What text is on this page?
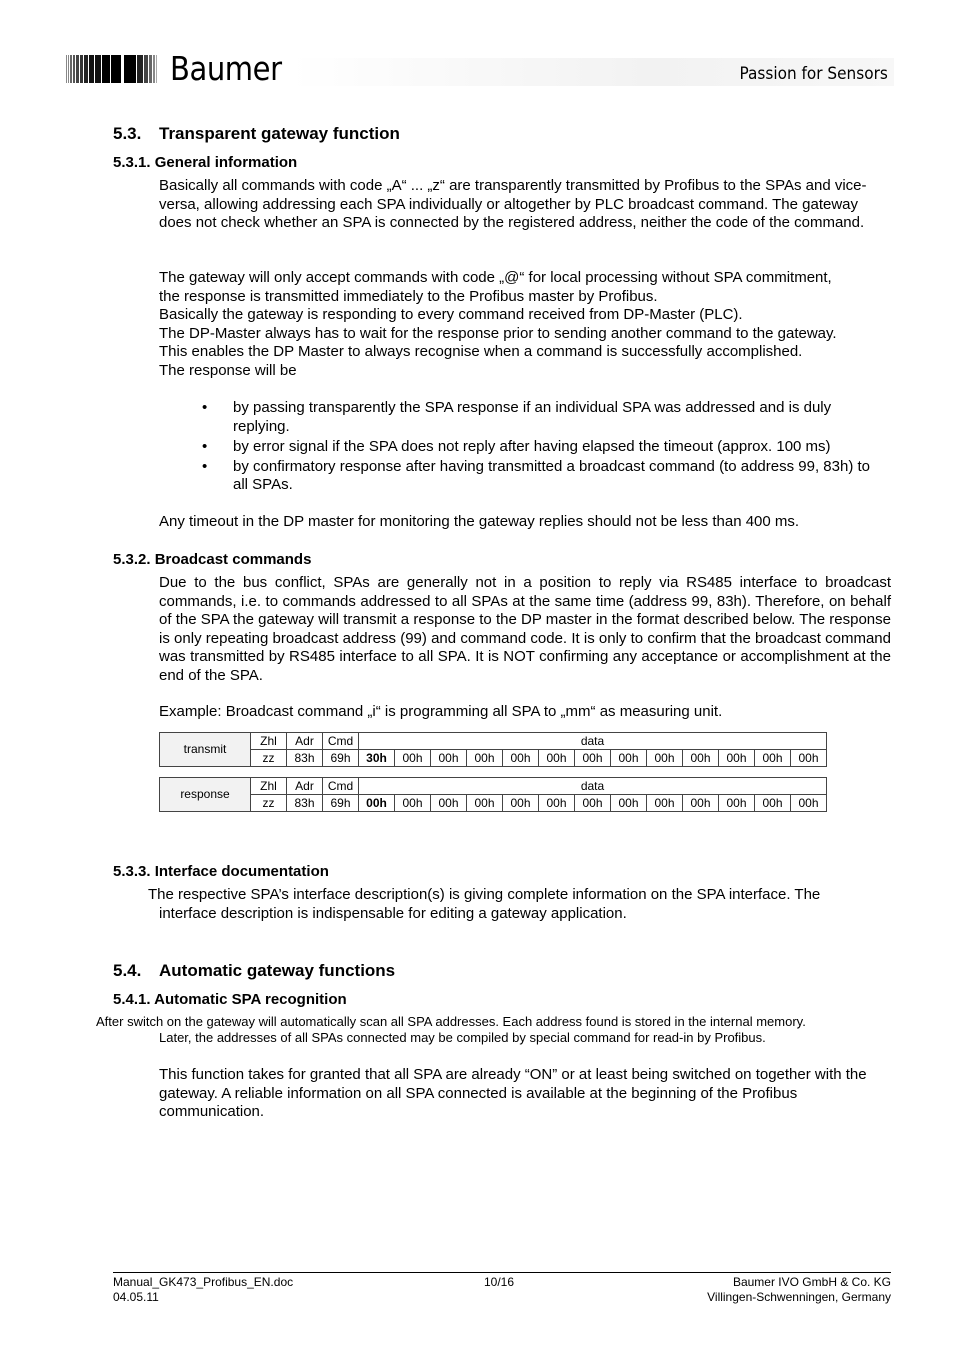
Baumer	Passion for Sensors
5.3. Transparent gateway function
5.3.1. General information
Basically all commands with code „A“ ... „z“ are transparently transmitted by Profibus to the SPAs and vice-versa, allowing addressing each SPA individually or altogether by PLC broadcast command. The gateway does not check whether an SPA is connected by the registered address, neither the code of the command.
The gateway will only accept commands with code „@“ for local processing without SPA commitment,
the response is transmitted immediately to the Profibus master by Profibus.
Basically the gateway is responding to every command received from DP-Master (PLC).
The DP-Master always has to wait for the response prior to sending another command to the gateway.
This enables the DP Master to always recognise when a command is successfully accomplished.
The response will be
• by passing transparently the SPA response if an individual SPA was addressed and is duly replying.
• by error signal if the SPA does not reply after having elapsed the timeout (approx. 100 ms)
• by confirmatory response after having transmitted a broadcast command (to address 99, 83h) to all SPAs.
Any timeout in the DP master for monitoring the gateway replies should not be less than 400 ms.
5.3.2. Broadcast commands
Due to the bus conflict, SPAs are generally not in a position to reply via RS485 interface to broadcast commands, i.e. to commands addressed to all SPAs at the same time (address 99, 83h). Therefore, on behalf of the SPA the gateway will transmit a response to the DP master in the format described below. The response is only repeating broadcast address (99) and command code. It is only to confirm that the broadcast command was transmitted by RS485 interface to all SPA. It is NOT confirming any acceptance or accomplishment at the end of the SPA.
Example: Broadcast command „i“ is programming all SPA to „mm“ as measuring unit.
transmit	Zhl	Adr	Cmd	data												
	zz	83h	69h	30h	00h	00h	00h	00h	00h	00h	00h	00h	00h	00h	00h	00h
response	Zhl	Adr	Cmd	data												
	zz	83h	69h	00h	00h	00h	00h	00h	00h	00h	00h	00h	00h	00h	00h	00h
5.3.3. Interface documentation
The respective SPA’s interface description(s) is giving complete information on the SPA interface. The
interface description is indispensable for editing a gateway application.
5.4. Automatic gateway functions
5.4.1. Automatic SPA recognition
After switch on the gateway will automatically scan all SPA addresses. Each address found is stored in the internal memory.
Later, the addresses of all SPAs connected may be compiled by special command for read-in by Profibus.
This function takes for granted that all SPA are already “ON” or at least being switched on together with the gateway. A reliable information on all SPA connected is available at the beginning of the Profibus communication.
Manual_GK473_Profibus_EN.doc
04.05.11
10/16	Baumer IVO GmbH & Co. KG
Villingen-Schwenningen, Germany
